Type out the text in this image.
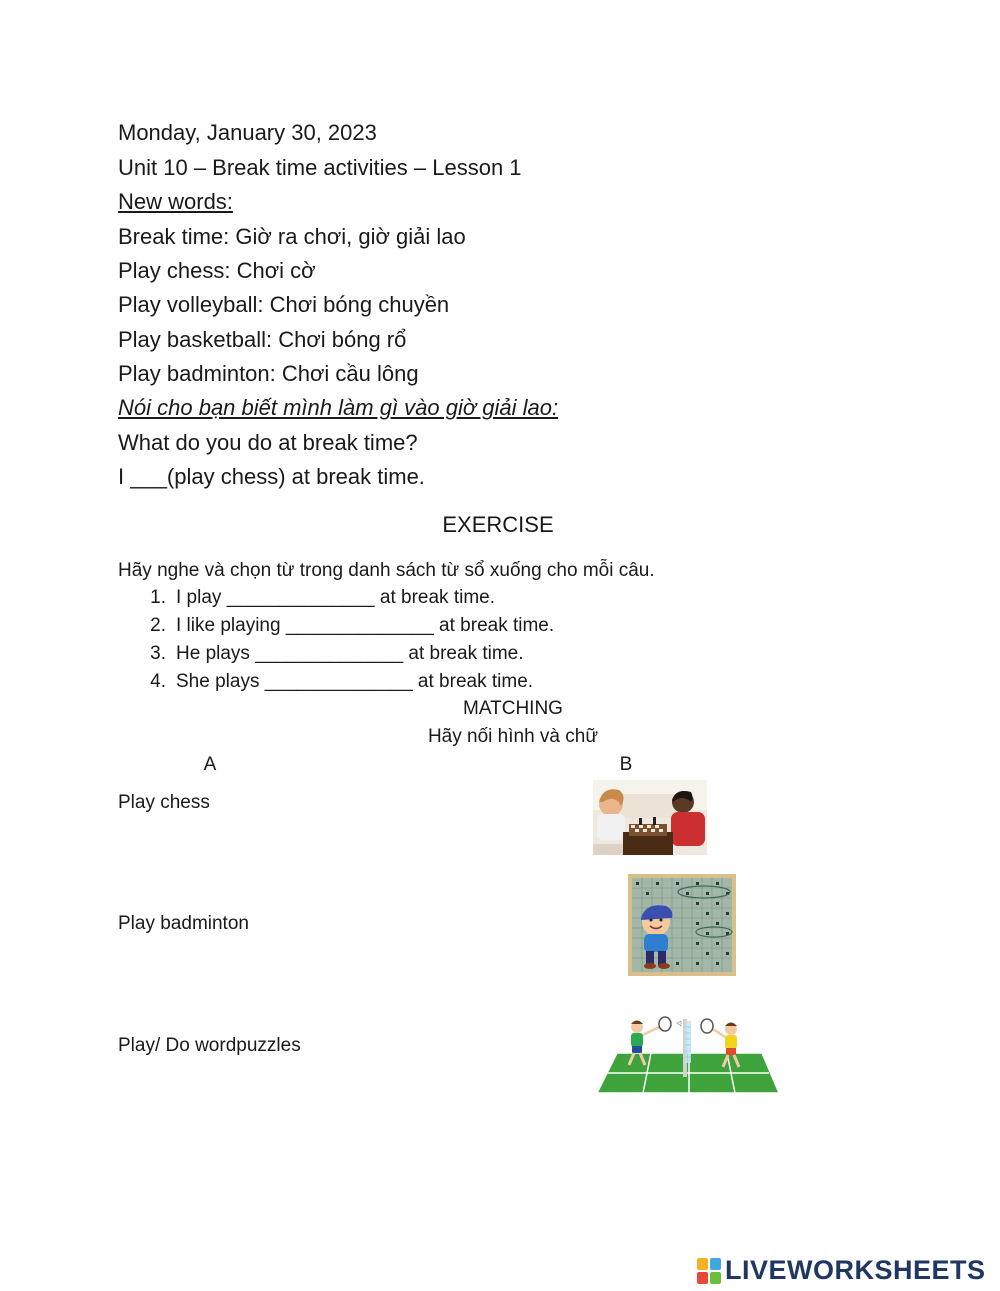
Monday, January 30, 2023
Unit 10 – Break time activities – Lesson 1
New words:
Break time: Giờ ra chơi, giờ giải lao
Play chess: Chơi cờ
Play volleyball: Chơi bóng chuyền
Play basketball: Chơi bóng rổ
Play badminton: Chơi cầu lông
Nói cho bạn biết mình làm gì vào giờ giải lao:
What do you do at break time?
I ___(play chess) at break time.
EXERCISE
Hãy nghe và chọn từ trong danh sách từ sổ xuống cho mỗi câu.
1. I play ______________ at break time.
2. I like playing ______________ at break time.
3. He plays ______________ at break time.
4. She plays ______________ at break time.
MATCHING
Hãy nối hình và chữ
A	B
Play chess
Play badminton
Play/ Do wordpuzzles
LIVEWORKSHEETS
